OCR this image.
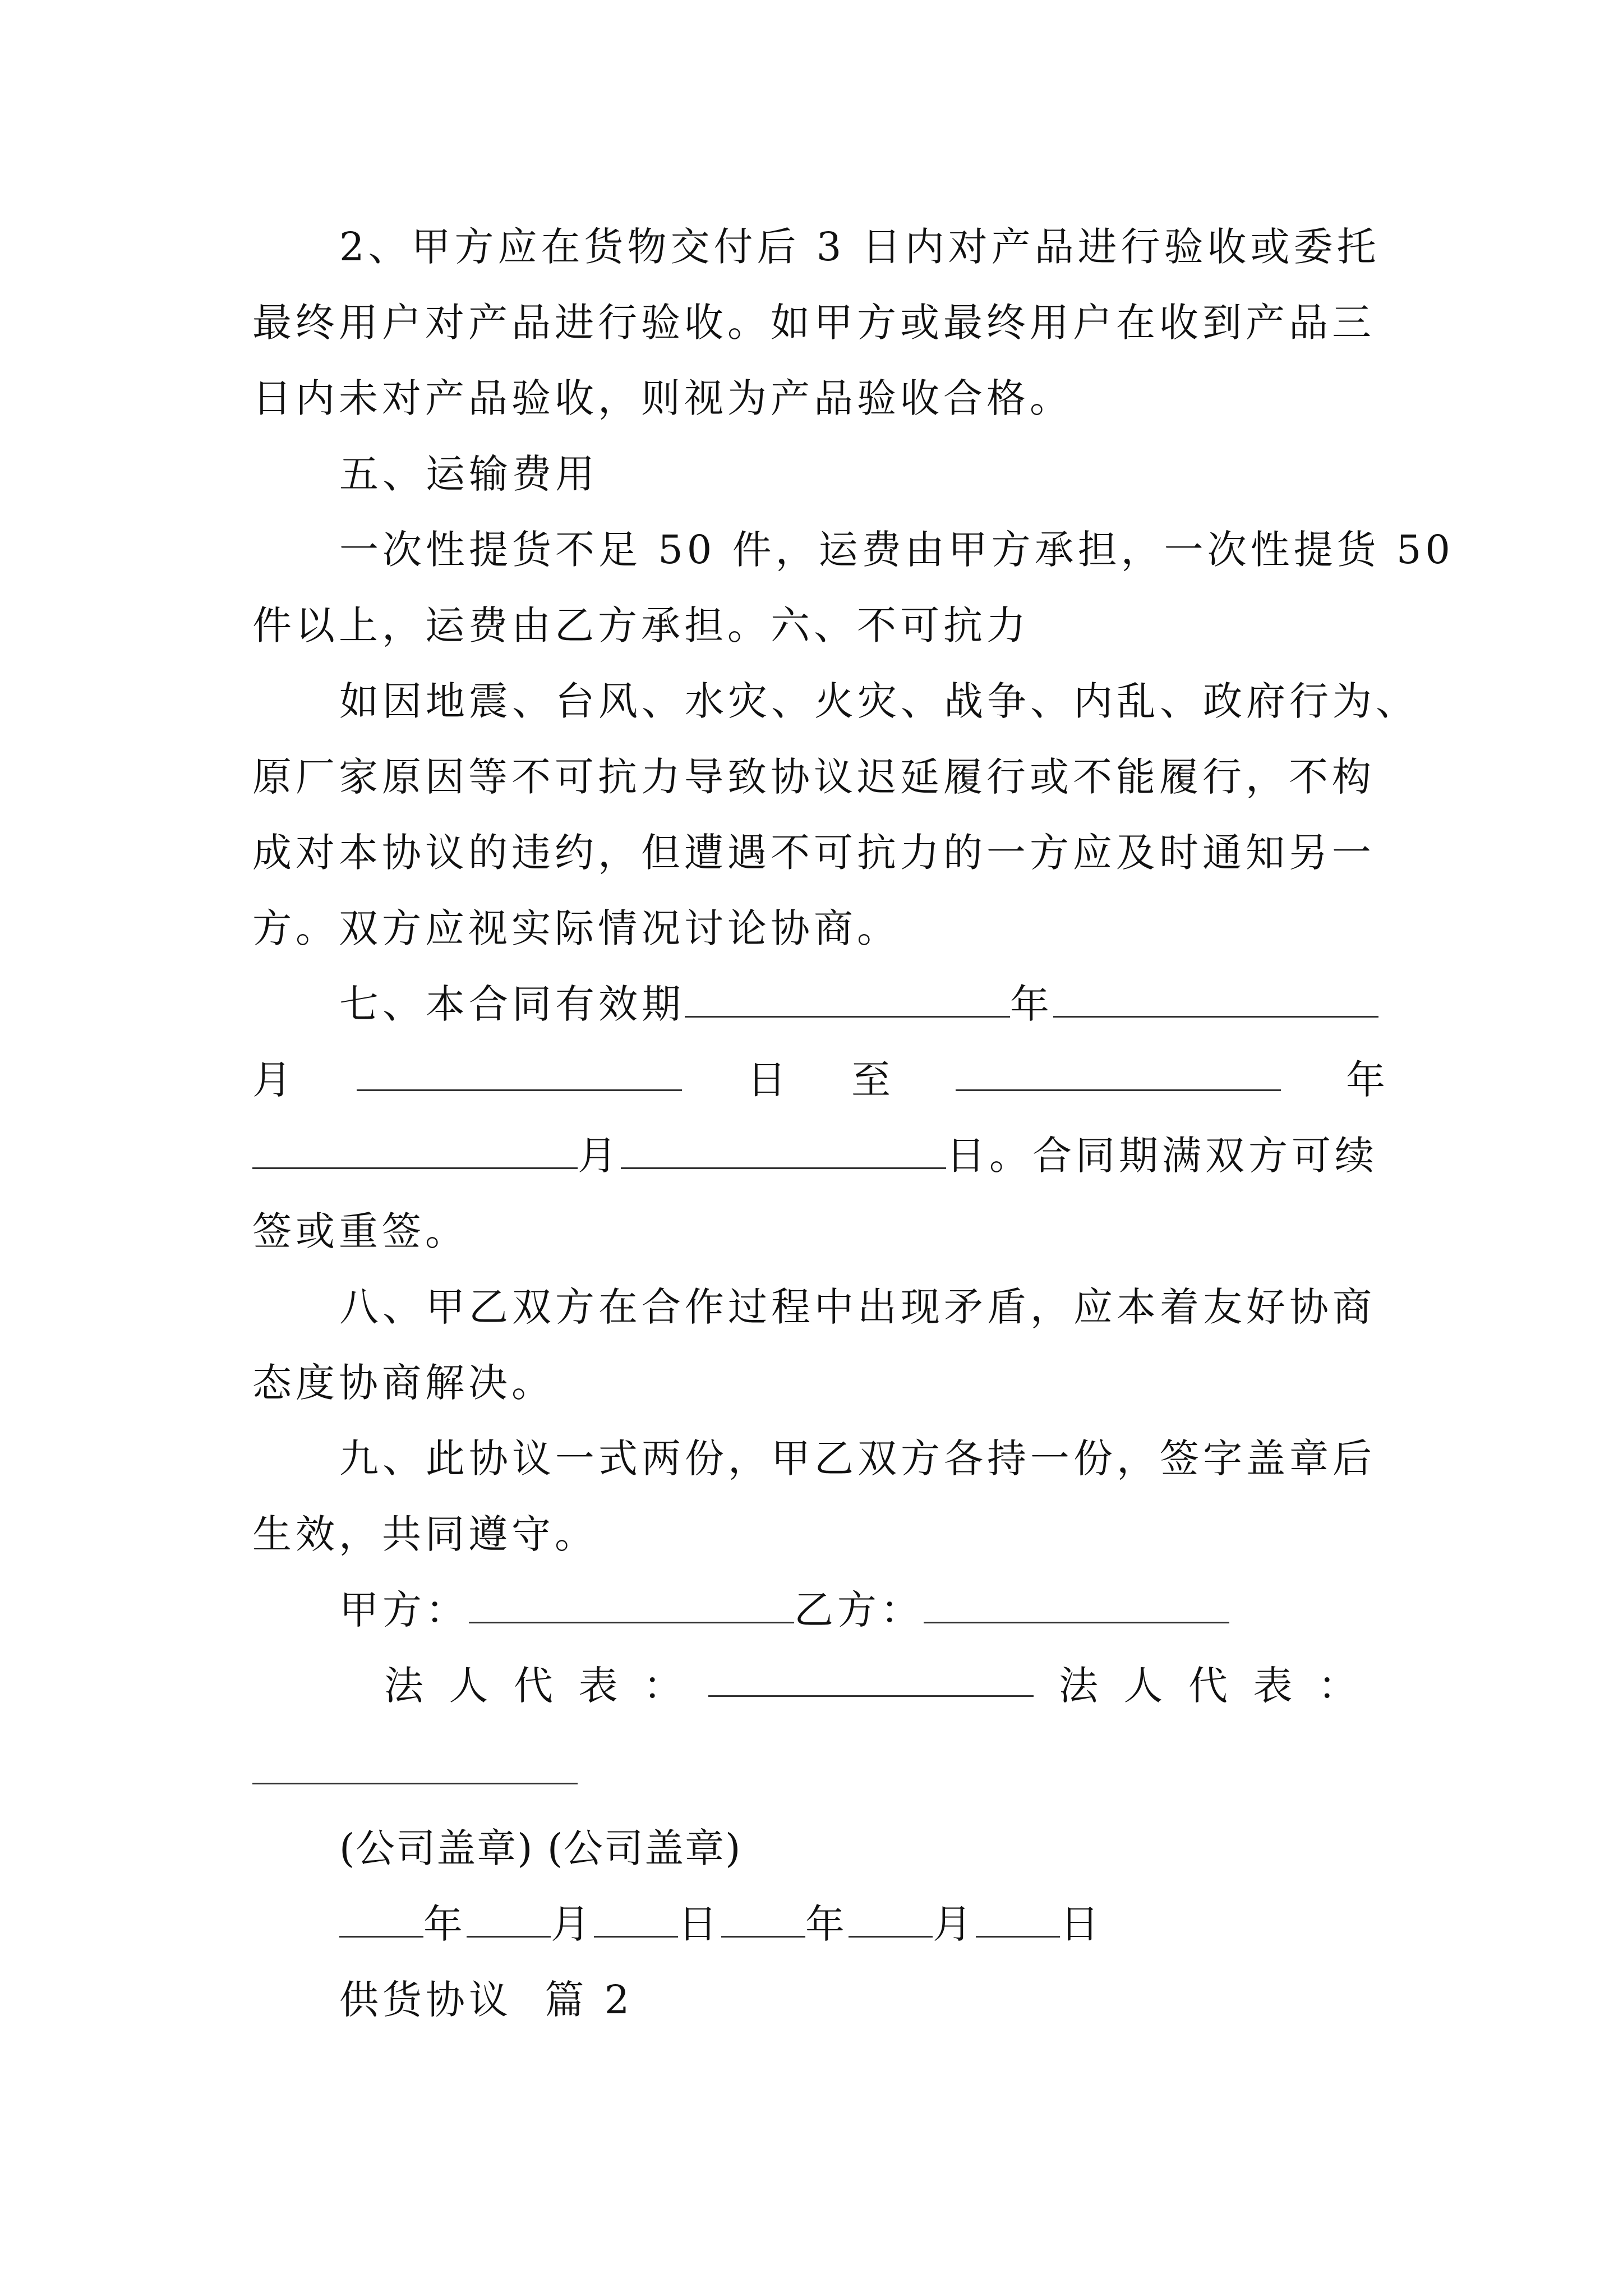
2、甲方应在货物交付后 3 日内对产品进行验收或委托
最终用户对产品进行验收。如甲方或最终用户在收到产品三
日内未对产品验收，则视为产品验收合格。
五、运输费用
一次性提货不足 50 件，运费由甲方承担，一次性提货 50
件以上，运费由乙方承担。六、不可抗力
如因地震、台风、水灾、火灾、战争、内乱、政府行为、
原厂家原因等不可抗力导致协议迟延履行或不能履行，不构
成对本协议的违约，但遭遇不可抗力的一方应及时通知另一
方。双方应视实际情况讨论协商。
七、本合同有效期	年
月	日 至	年
月	日。合同期满双方可续
签或重签。
八、甲乙双方在合作过程中出现矛盾，应本着友好协商
态度协商解决。
九、此协议一式两份，甲乙双方各持一份，签字盖章后
生效，共同遵守。
甲方：	乙方：
法 人 代 表 ：	法 人 代 表 ：
(公司盖章) (公司盖章)
年 月 日 年 月 日
供货协议  篇 2
